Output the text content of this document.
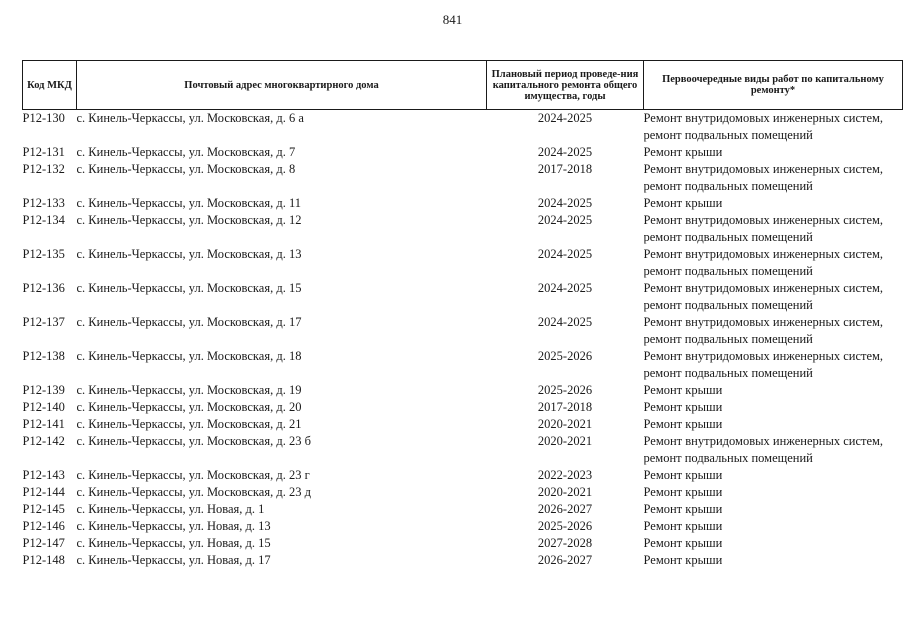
841
Код МКД	Почтовый адрес многоквартирного дома	Плановый период проведе-ния капитального ремонта общего имущества, годы	Первоочередные виды работ по капитальному ремонту*
P12-130	с. Кинель-Черкассы, ул. Московская, д. 6 а	2024-2025	Ремонт внутридомовых инженерных систем,
ремонт подвальных помещений

P12-131	с. Кинель-Черкассы, ул. Московская, д. 7	2024-2025	Ремонт крыши

P12-132	с. Кинель-Черкассы, ул. Московская, д. 8	2017-2018	Ремонт внутридомовых инженерных систем,
ремонт подвальных помещений

P12-133	с. Кинель-Черкассы, ул. Московская, д. 11	2024-2025	Ремонт крыши

P12-134	с. Кинель-Черкассы, ул. Московская, д. 12	2024-2025	Ремонт внутридомовых инженерных систем,
ремонт подвальных помещений

P12-135	с. Кинель-Черкассы, ул. Московская, д. 13	2024-2025	Ремонт внутридомовых инженерных систем,
ремонт подвальных помещений

P12-136	с. Кинель-Черкассы, ул. Московская, д. 15	2024-2025	Ремонт внутридомовых инженерных систем,
ремонт подвальных помещений

P12-137	с. Кинель-Черкассы, ул. Московская, д. 17	2024-2025	Ремонт внутридомовых инженерных систем,
ремонт подвальных помещений

P12-138	с. Кинель-Черкассы, ул. Московская, д. 18	2025-2026	Ремонт внутридомовых инженерных систем,
ремонт подвальных помещений

P12-139	с. Кинель-Черкассы, ул. Московская, д. 19	2025-2026	Ремонт крыши

P12-140	с. Кинель-Черкассы, ул. Московская, д. 20	2017-2018	Ремонт крыши

P12-141	с. Кинель-Черкассы, ул. Московская, д. 21	2020-2021	Ремонт крыши

P12-142	с. Кинель-Черкассы, ул. Московская, д. 23 б	2020-2021	Ремонт внутридомовых инженерных систем,
ремонт подвальных помещений

P12-143	с. Кинель-Черкассы, ул. Московская, д. 23 г	2022-2023	Ремонт крыши

P12-144	с. Кинель-Черкассы, ул. Московская, д. 23 д	2020-2021	Ремонт крыши

P12-145	с. Кинель-Черкассы, ул. Новая, д. 1	2026-2027	Ремонт крыши

P12-146	с. Кинель-Черкассы, ул. Новая, д. 13	2025-2026	Ремонт крыши

P12-147	с. Кинель-Черкассы, ул. Новая, д. 15	2027-2028	Ремонт крыши

P12-148	с. Кинель-Черкассы, ул. Новая, д. 17	2026-2027	Ремонт крыши
